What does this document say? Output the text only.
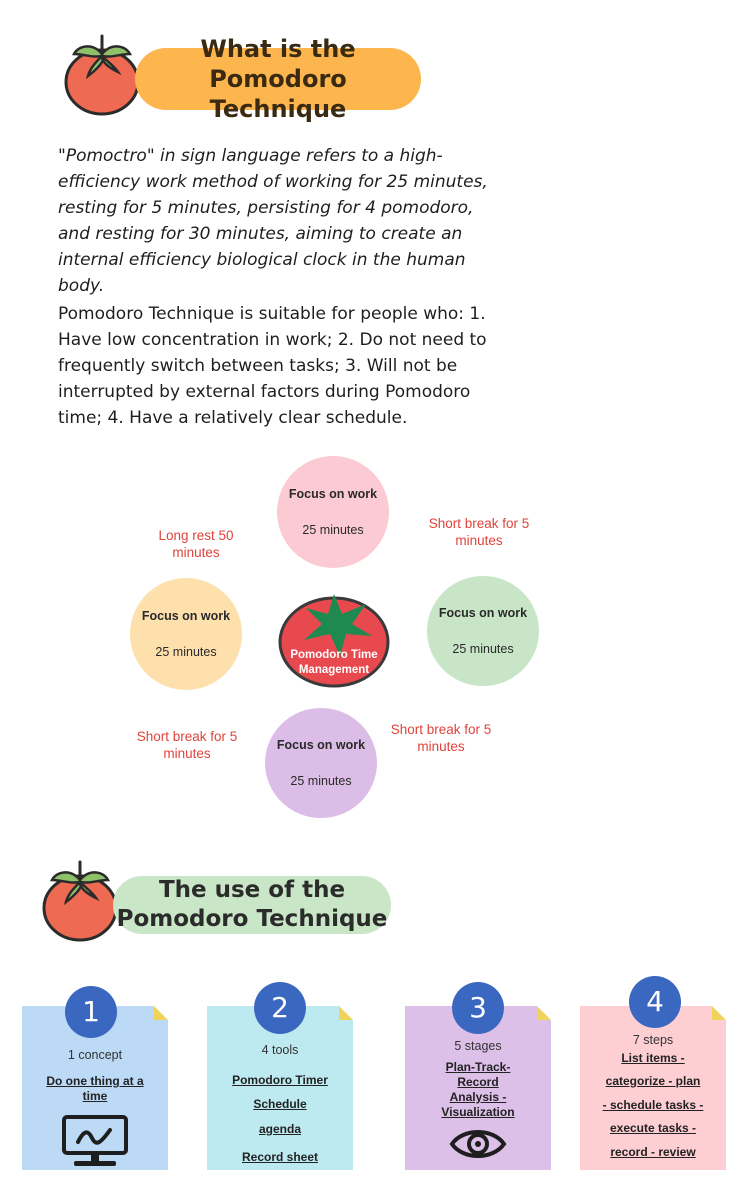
What is the Pomodoro
Technique
"Pomoctro" in sign language refers to a high-efficiency work method of working for 25 minutes, resting for 5 minutes, persisting for 4 pomodoro, and resting for 30 minutes, aiming to create an internal efficiency biological clock in the human body.
Pomodoro Technique is suitable for people who: 1. Have low concentration in work; 2. Do not need to frequently switch between tasks; 3. Will not be interrupted by external factors during Pomodoro time; 4. Have a relatively clear schedule.
Focus on work
25 minutes
Focus on work
25 minutes
Focus on work
25 minutes
Focus on work
25 minutes
Long rest 50 minutes
Short break for 5 minutes
Short break for 5 minutes
Short break for 5 minutes
Pomodoro Time
Management
The use of the
Pomodoro Technique
1 concept
Do one thing at a
time
1
4 tools
Pomodoro Timer
Schedule
agenda
Record sheet
2
5 stages
Plan-Track-
Record
Analysis -
Visualization
3
7 steps
List items -
categorize - plan
- schedule tasks -
execute tasks -
record - review
4
